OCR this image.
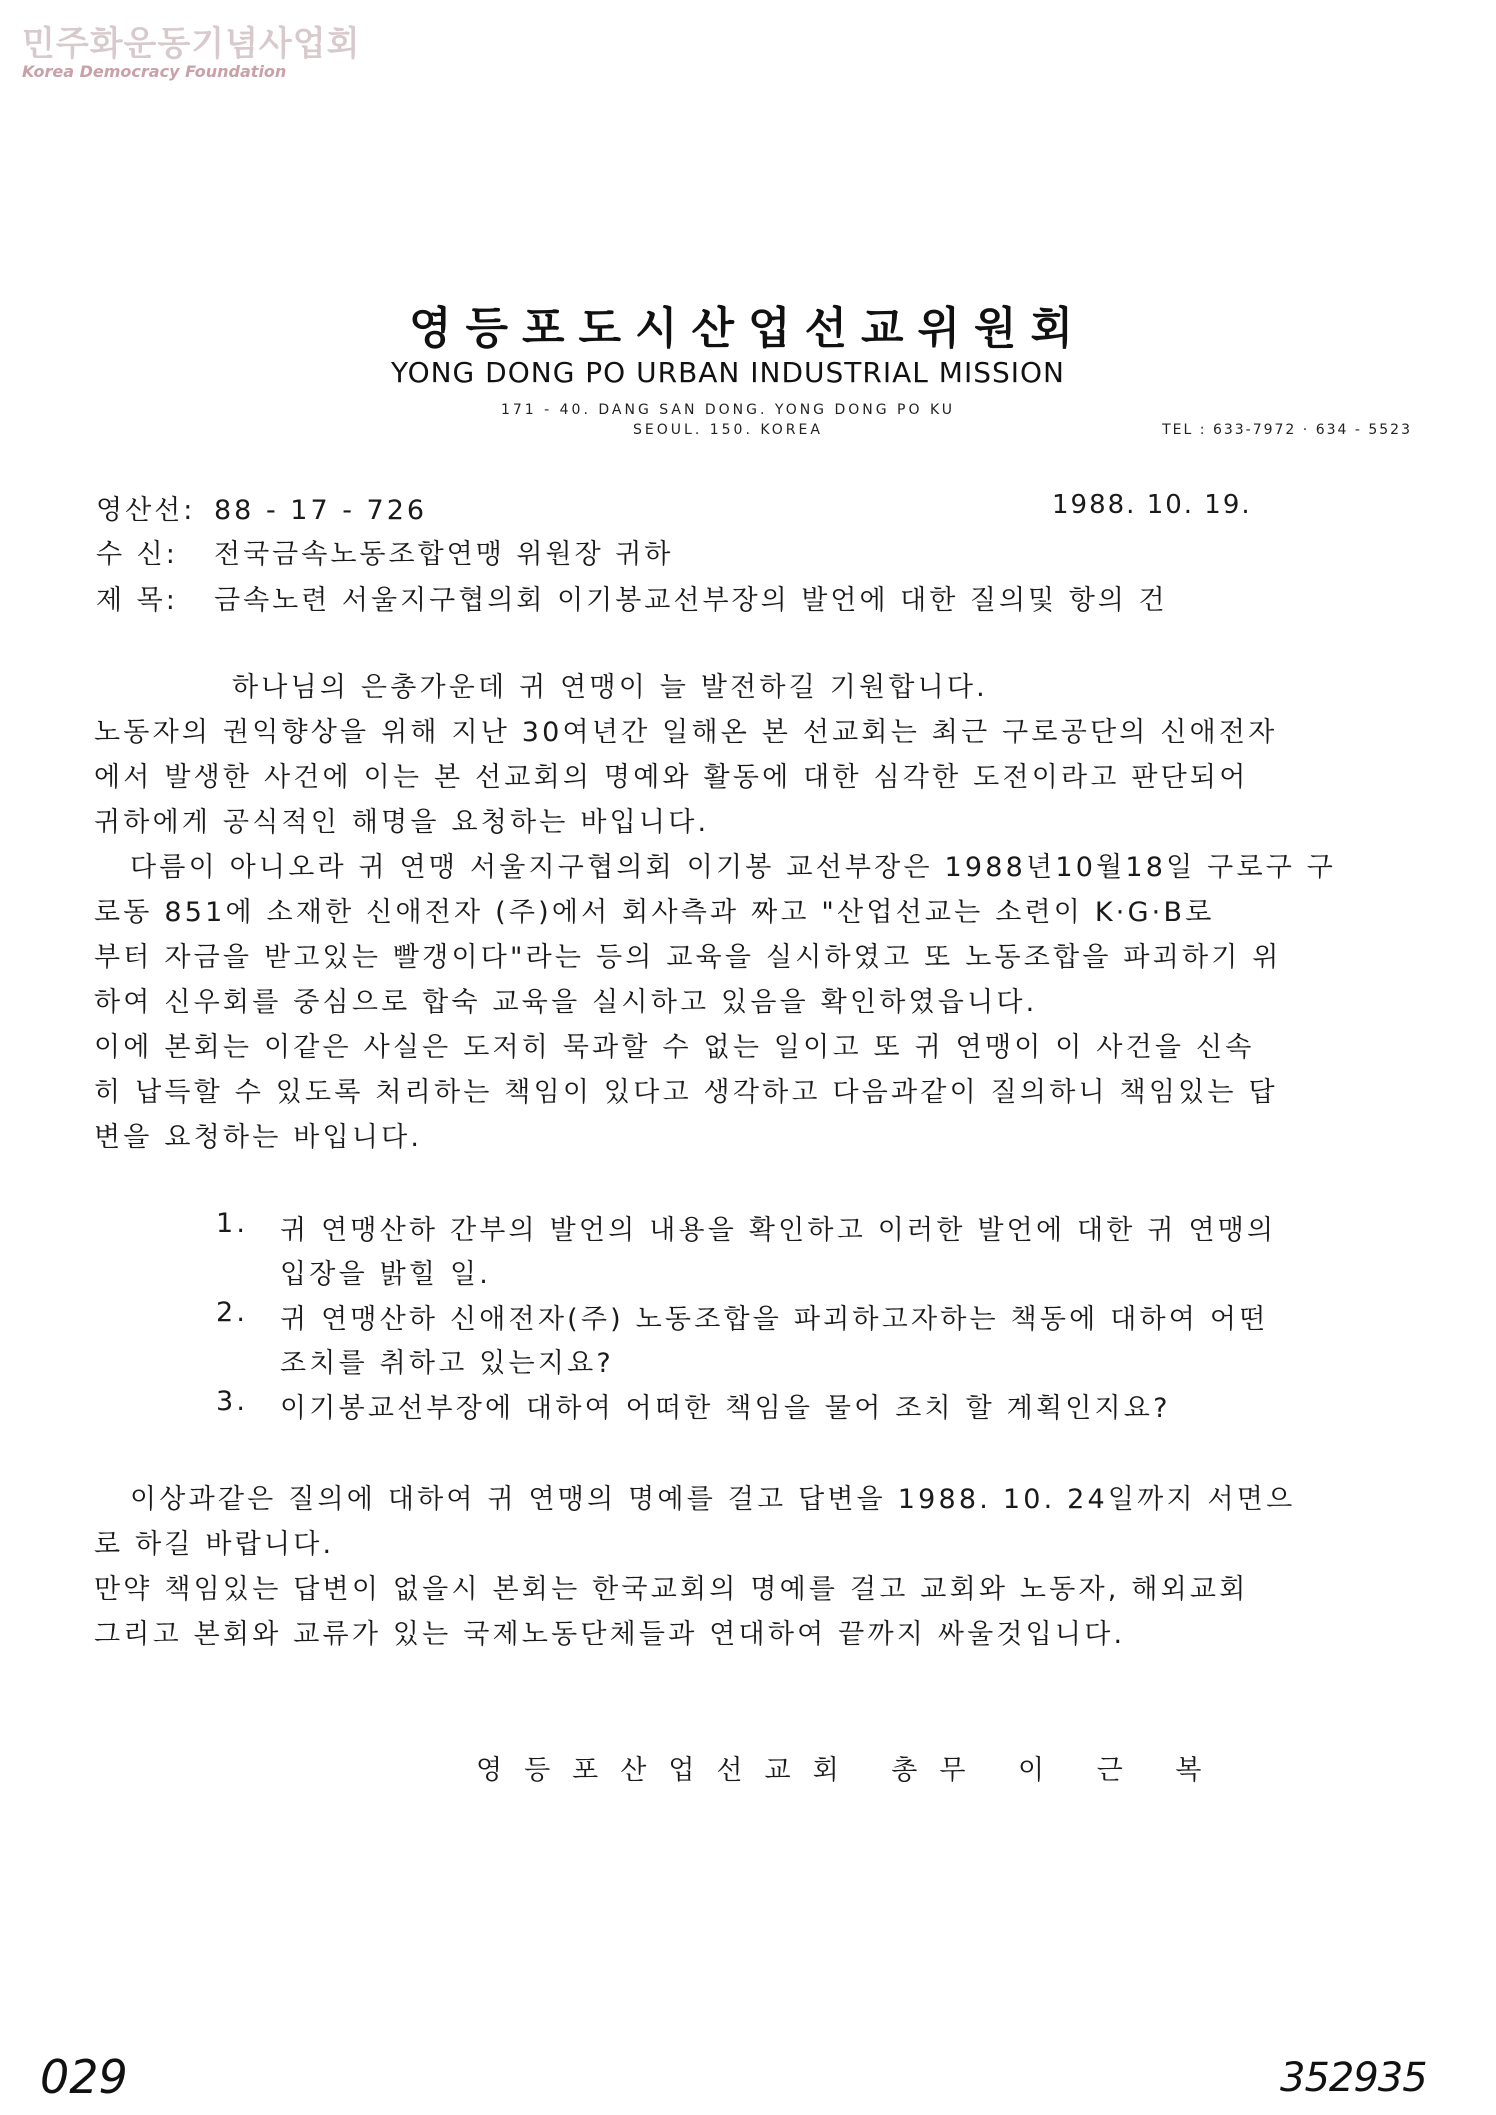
민주화운동기념사업회
Korea Democracy Foundation
영등포도시산업선교위원회
YONG DONG PO URBAN INDUSTRIAL MISSION
171 - 40. DANG SAN DONG. YONG DONG PO KU
SEOUL. 150. KOREA	TEL : 633-7972 · 634 - 5523
영산선: 88 - 17 - 726	1988. 10. 19.
수 신: 전국금속노동조합연맹 위원장 귀하
제 목: 금속노련 서울지구협의회 이기봉교선부장의 발언에 대한 질의및 항의 건
하나님의 은총가운데 귀 연맹이 늘 발전하길 기원합니다.
노동자의 권익향상을 위해 지난 30여년간 일해온 본 선교회는 최근 구로공단의 신애전자
에서 발생한 사건에 이는 본 선교회의 명예와 활동에 대한 심각한 도전이라고 판단되어
귀하에게 공식적인 해명을 요청하는 바입니다.
다름이 아니오라 귀 연맹 서울지구협의회 이기봉 교선부장은 1988년10월18일 구로구 구
로동 851에 소재한 신애전자 (주)에서 회사측과 짜고 "산업선교는 소련이 K·G·B로
부터 자금을 받고있는 빨갱이다"라는 등의 교육을 실시하였고 또 노동조합을 파괴하기 위
하여 신우회를 중심으로 합숙 교육을 실시하고 있음을 확인하였읍니다.
이에 본회는 이같은 사실은 도저히 묵과할 수 없는 일이고 또 귀 연맹이 이 사건을 신속
히 납득할 수 있도록 처리하는 책임이 있다고 생각하고 다음과같이 질의하니 책임있는 답
변을 요청하는 바입니다.
1. 귀 연맹산하 간부의 발언의 내용을 확인하고 이러한 발언에 대한 귀 연맹의
입장을 밝힐 일.
2. 귀 연맹산하 신애전자(주) 노동조합을 파괴하고자하는 책동에 대하여 어떤
조치를 취하고 있는지요?
3. 이기봉교선부장에 대하여 어떠한 책임을 물어 조치 할 계획인지요?
이상과같은 질의에 대하여 귀 연맹의 명예를 걸고 답변을 1988. 10. 24일까지 서면으
로 하길 바랍니다.
만약 책임있는 답변이 없을시 본회는 한국교회의 명예를 걸고 교회와 노동자, 해외교회
그리고 본회와 교류가 있는 국제노동단체들과 연대하여 끝까지 싸울것입니다.
영등포산업선교회 총무 이 근 복
029	352935
